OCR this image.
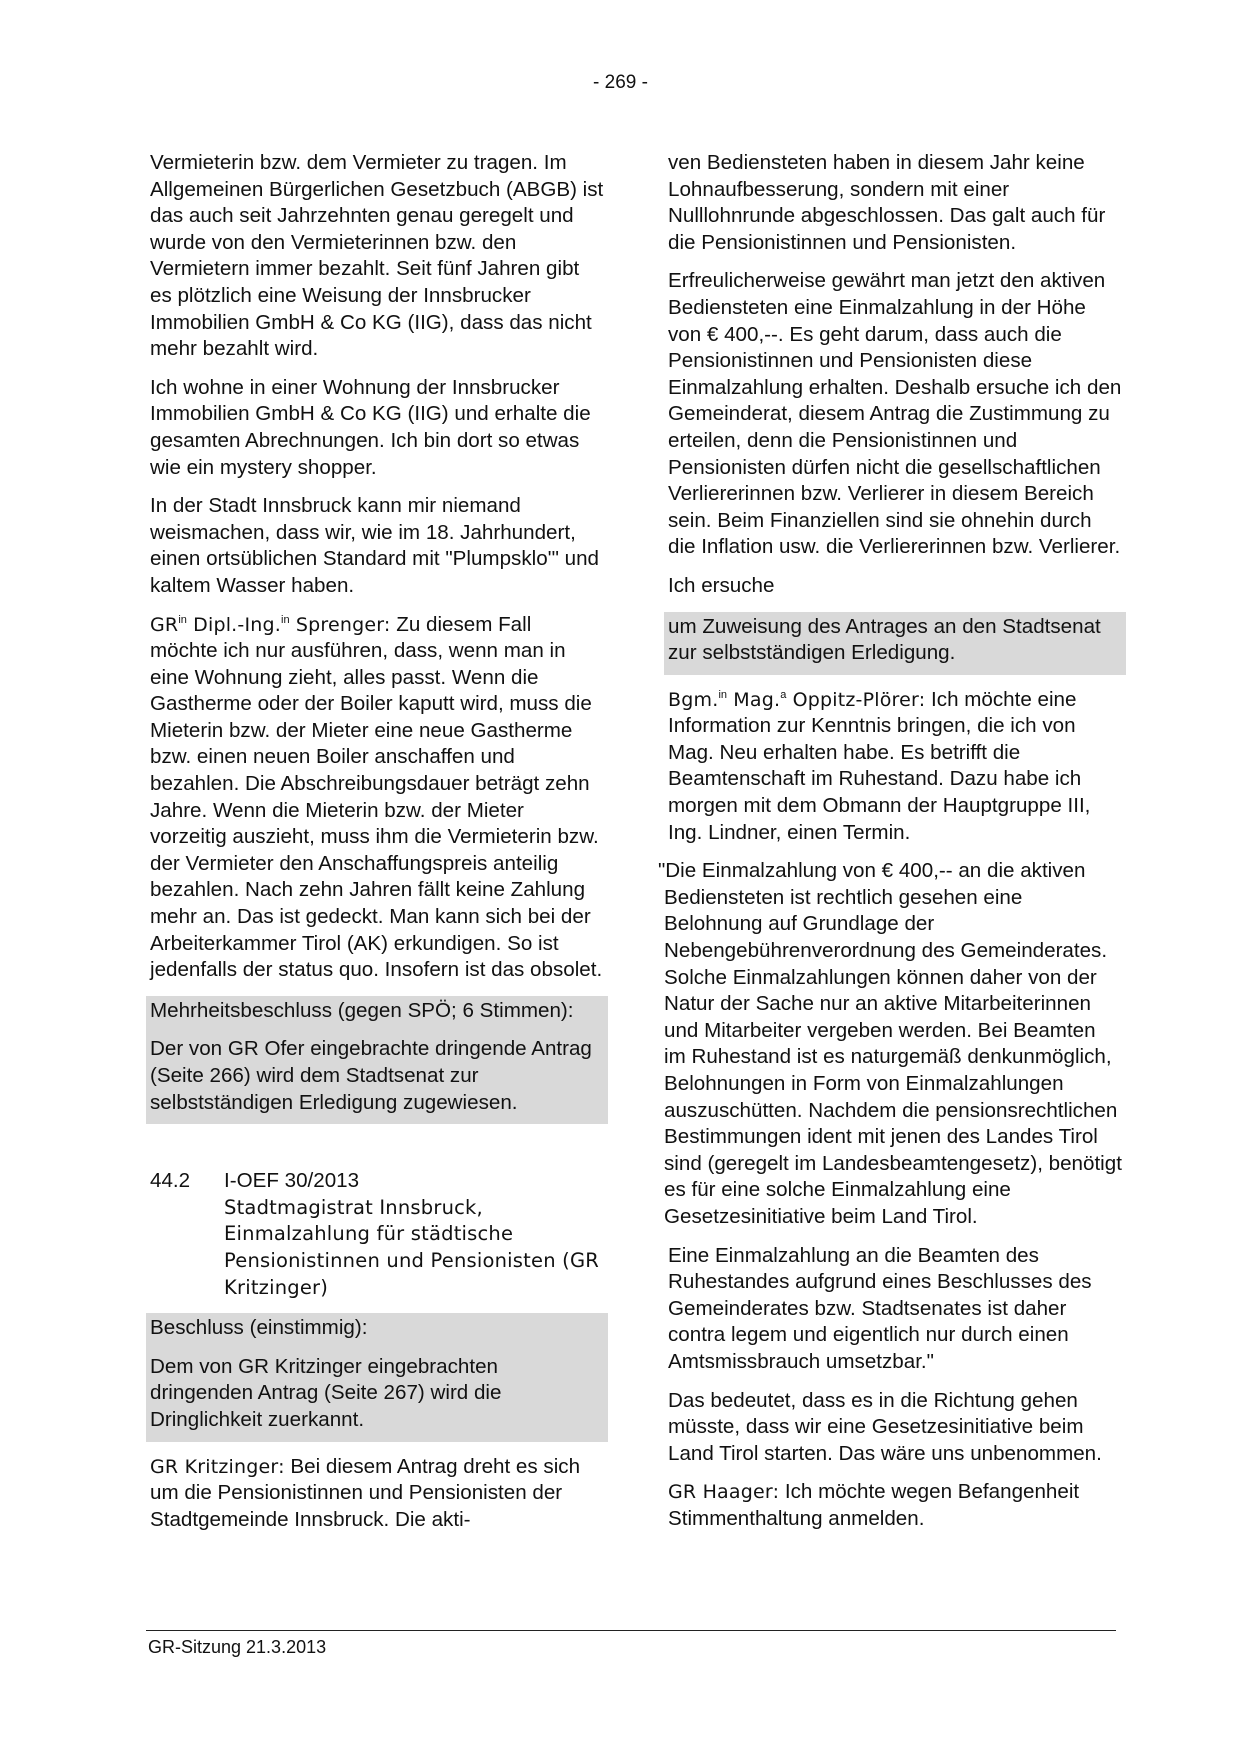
- 269 -

Vermieterin bzw. dem Vermieter zu tragen. Im Allgemeinen Bürgerlichen Gesetzbuch (ABGB) ist das auch seit Jahrzehnten genau geregelt und wurde von den Vermieterinnen bzw. den Vermietern immer bezahlt. Seit fünf Jahren gibt es plötzlich eine Weisung der Innsbrucker Immobilien GmbH & Co KG (IIG), dass das nicht mehr bezahlt wird.

Ich wohne in einer Wohnung der Innsbrucker Immobilien GmbH & Co KG (IIG) und erhalte die gesamten Abrechnungen. Ich bin dort so etwas wie ein mystery shopper.

In der Stadt Innsbruck kann mir niemand weismachen, dass wir, wie im 18. Jahrhundert, einen ortsüblichen Standard mit "Plumpsklo'" und kaltem Wasser haben.

$GR^{in}$ Dipl.-Ing.$^{in}$ Sprenger: Zu diesem Fall möchte ich nur ausführen, dass, wenn man in eine Wohnung zieht, alles passt. Wenn die Gastherme oder der Boiler kaputt wird, muss die Mieterin bzw. der Mieter eine neue Gastherme bzw. einen neuen Boiler anschaffen und bezahlen. Die Abschreibungsdauer beträgt zehn Jahre. Wenn die Mieterin bzw. der Mieter vorzeitig auszieht, muss ihm die Vermieterin bzw. der Vermieter den Anschaffungspreis anteilig bezahlen. Nach zehn Jahren fällt keine Zahlung mehr an. Das ist gedeckt. Man kann sich bei der Arbeiterkammer Tirol (AK) erkundigen. So ist jedenfalls der status quo. Insofern ist das obsolet.

Mehrheitsbeschluss (gegen SPÖ; 6 Stimmen):

Der von GR Ofer eingebrachte dringende Antrag (Seite 266) wird dem Stadtsenat zur selbstständigen Erledigung zugewiesen.

44.2	I-OEF 30/2013
Stadtmagistrat Innsbruck, Einmalzahlung für städtische Pensionistinnen und Pensionisten (GR Kritzinger)

Beschluss (einstimmig):

Dem von GR Kritzinger eingebrachten dringenden Antrag (Seite 267) wird die Dringlichkeit zuerkannt.

GR Kritzinger: Bei diesem Antrag dreht es sich um die Pensionistinnen und Pensionisten der Stadtgemeinde Innsbruck. Die akti-

ven Bediensteten haben in diesem Jahr keine Lohnaufbesserung, sondern mit einer Nulllohnrunde abgeschlossen. Das galt auch für die Pensionistinnen und Pensionisten.

Erfreulicherweise gewährt man jetzt den aktiven Bediensteten eine Einmalzahlung in der Höhe von € 400,--. Es geht darum, dass auch die Pensionistinnen und Pensionisten diese Einmalzahlung erhalten. Deshalb ersuche ich den Gemeinderat, diesem Antrag die Zustimmung zu erteilen, denn die Pensionistinnen und Pensionisten dürfen nicht die gesellschaftlichen Verliererinnen bzw. Verlierer in diesem Bereich sein. Beim Finanziellen sind sie ohnehin durch die Inflation usw. die Verliererinnen bzw. Verlierer.

Ich ersuche

um Zuweisung des Antrages an den Stadtsenat zur selbstständigen Erledigung.

Bgm.$^{in}$ Mag.$^a$ Oppitz-Plörer: Ich möchte eine Information zur Kenntnis bringen, die ich von Mag. Neu erhalten habe. Es betrifft die Beamtenschaft im Ruhestand. Dazu habe ich morgen mit dem Obmann der Hauptgruppe III, Ing. Lindner, einen Termin.

"Die Einmalzahlung von € 400,-- an die aktiven Bediensteten ist rechtlich gesehen eine Belohnung auf Grundlage der Nebengebührenverordnung des Gemeinderates. Solche Einmalzahlungen können daher von der Natur der Sache nur an aktive Mitarbeiterinnen und Mitarbeiter vergeben werden. Bei Beamten im Ruhestand ist es naturgemäß denkunmöglich, Belohnungen in Form von Einmalzahlungen auszuschütten. Nachdem die pensionsrechtlichen Bestimmungen ident mit jenen des Landes Tirol sind (geregelt im Landesbeamtengesetz), benötigt es für eine solche Einmalzahlung eine Gesetzesinitiative beim Land Tirol.

Eine Einmalzahlung an die Beamten des Ruhestandes aufgrund eines Beschlusses des Gemeinderates bzw. Stadtsenates ist daher contra legem und eigentlich nur durch einen Amtsmissbrauch umsetzbar."

Das bedeutet, dass es in die Richtung gehen müsste, dass wir eine Gesetzesinitiative beim Land Tirol starten. Das wäre uns unbenommen.

GR Haager: Ich möchte wegen Befangenheit Stimmenthaltung anmelden.

GR-Sitzung 21.3.2013
